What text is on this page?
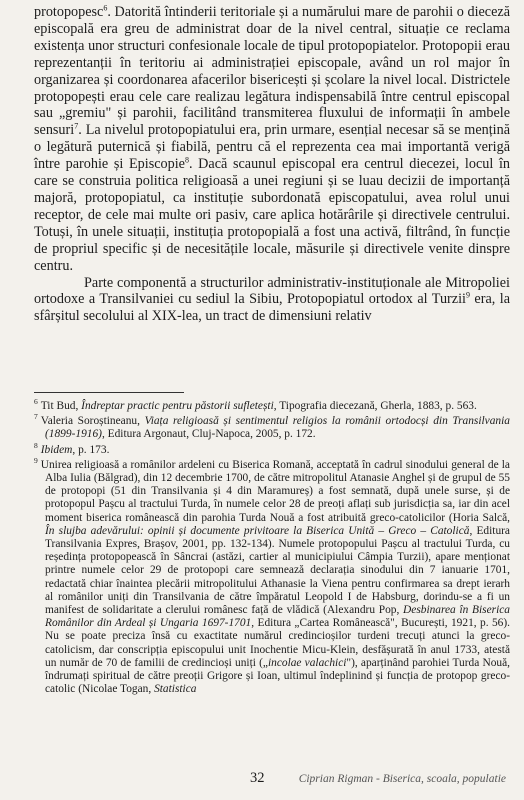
protopopesc$^6$. Datorită întinderii teritoriale și a numărului mare de parohii o dieceză episcopală era greu de administrat doar de la nivel central, situație ce reclama existența unor structuri confesionale locale de tipul protopopiatelor. Protopopii erau reprezentanții în teritoriu ai administrației episcopale, având un rol major în organizarea și coordonarea afacerilor bisericești și școlare la nivel local. Districtele protopopești erau cele care realizau legătura indispensabilă între centrul episcopal sau „gremiu" și parohii, facilitând transmiterea fluxului de informații în ambele sensuri$^7$. La nivelul protopopiatului era, prin urmare, esențial necesar să se mențină o legătură puternică și fiabilă, pentru că el reprezenta cea mai importantă verigă între parohie și Episcopie$^8$. Dacă scaunul episcopal era centrul diecezei, locul în care se construia politica religioasă a unei regiuni și se luau decizii de importanță majoră, protopopiatul, ca instituție subordonată episcopatului, avea rolul unui receptor, de cele mai multe ori pasiv, care aplica hotărârile și directivele centrului. Totuși, în unele situații, instituția protopopială a fost una activă, filtrând, în funcție de propriul specific și de necesitățile locale, măsurile și directivele venite dinspre centru.

Parte componentă a structurilor administrativ-instituționale ale Mitropoliei ortodoxe a Transilvaniei cu sediul la Sibiu, Protopopiatul ortodox al Turzii$^9$ era, la sfârșitul secolului al XIX-lea, un tract de dimensiuni relativ

$^6$ Tit Bud, Îndreptar practic pentru păstorii sufletești, Tipografia diecezană, Gherla, 1883, p. 563.

$^7$ Valeria Soroștineanu, Viața religioasă și sentimentul religios la românii ortodocși din Transilvania (1899-1916), Editura Argonaut, Cluj-Napoca, 2005, p. 172.

$^8$ Ibidem, p. 173.

$^9$ Unirea religioasă a românilor ardeleni cu Biserica Romană, acceptată în cadrul sinodului general de la Alba Iulia (Bălgrad), din 12 decembrie 1700, de către mitropolitul Atanasie Anghel și de grupul de 55 de protopopi (51 din Transilvania și 4 din Maramureș) a fost semnată, după unele surse, și de protopopul Pașcu al tractului Turda, în numele celor 28 de preoți aflați sub jurisdicția sa, iar din acel moment biserica românească din parohia Turda Nouă a fost atribuită greco-catolicilor (Horia Salcă, În slujba adevărului: opinii și documente privitoare la Biserica Unită – Greco – Catolică, Editura Transilvania Expres, Brașov, 2001, pp. 132-134). Numele protopopului Pașcu al tractului Turda, cu reședința protopopească în Sâncrai (astăzi, cartier al municipiului Câmpia Turzii), apare menționat printre numele celor 29 de protopopi care semnează declarația sinodului din 7 ianuarie 1701, redactată chiar înaintea plecării mitropolitului Athanasie la Viena pentru confirmarea sa drept ierarh al românilor uniți din Transilvania de către împăratul Leopold I de Habsburg, dorindu-se a fi un manifest de solidaritate a clerului românesc față de vlădică (Alexandru Pop, Desbinarea în Biserica Românilor din Ardeal și Ungaria 1697-1701, Editura „Cartea Românească", București, 1921, p. 56). Nu se poate preciza însă cu exactitate numărul credincioșilor turdeni trecuți atunci la greco-catolicism, dar conscripția episcopului unit Inochentie Micu-Klein, desfășurată în anul 1733, atestă un număr de 70 de familii de credincioși uniți („incolae valachici"), aparținând parohiei Turda Nouă, îndrumați spiritual de către preoții Grigore și Ioan, ultimul îndeplinind și funcția de protopop greco-catolic (Nicolae Togan, Statistica

32	Ciprian Rigman - Biserica, scoala, populatie
